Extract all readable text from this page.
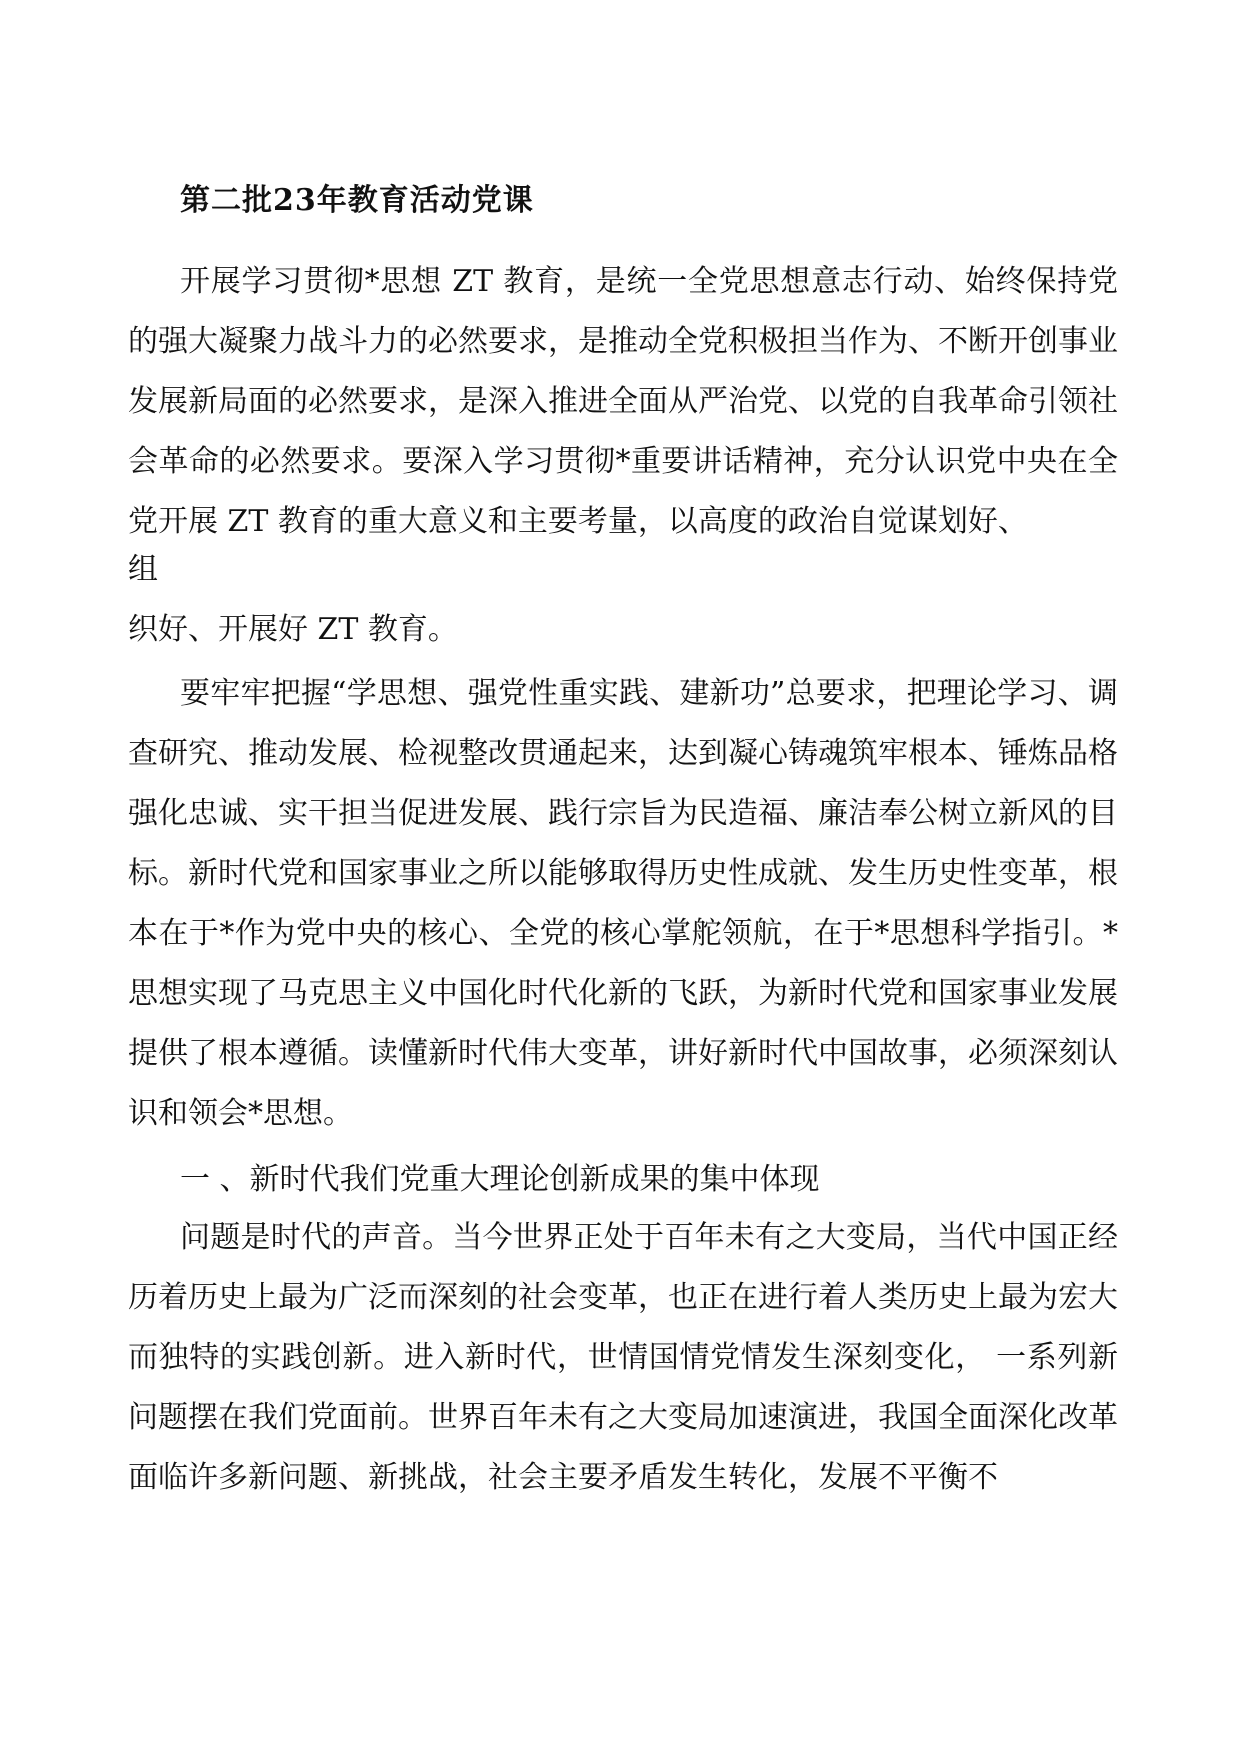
第二批23年教育活动党课

开展学习贯彻*思想 ZT 教育，是统一全党思想意志行动、始终保持党的强大凝聚力战斗力的必然要求，是推动全党积极担当作为、不断开创事业发展新局面的必然要求，是深入推进全面从严治党、以党的自我革命引领社会革命的必然要求。要深入学习贯彻*重要讲话精神，充分认识党中央在全党开展 ZT 教育的重大意义和主要考量，以高度的政治自觉谋划好、

组

织好、开展好 ZT 教育。

要牢牢把握“学思想、强党性重实践、建新功”总要求，把理论学习、调查研究、推动发展、检视整改贯通起来，达到凝心铸魂筑牢根本、锤炼品格强化忠诚、实干担当促进发展、践行宗旨为民造福、廉洁奉公树立新风的目标。新时代党和国家事业之所以能够取得历史性成就、发生历史性变革，根本在于*作为党中央的核心、全党的核心掌舵领航，在于*思想科学指引。*思想实现了马克思主义中国化时代化新的飞跃，为新时代党和国家事业发展提供了根本遵循。读懂新时代伟大变革，讲好新时代中国故事，必须深刻认识和领会*思想。

一 、新时代我们党重大理论创新成果的集中体现

问题是时代的声音。当今世界正处于百年未有之大变局，当代中国正经历着历史上最为广泛而深刻的社会变革，也正在进行着人类历史上最为宏大而独特的实践创新。进入新时代，世情国情党情发生深刻变化， 一系列新问题摆在我们党面前。世界百年未有之大变局加速演进，我国全面深化改革面临许多新问题、新挑战，社会主要矛盾发生转化，发展不平衡不
